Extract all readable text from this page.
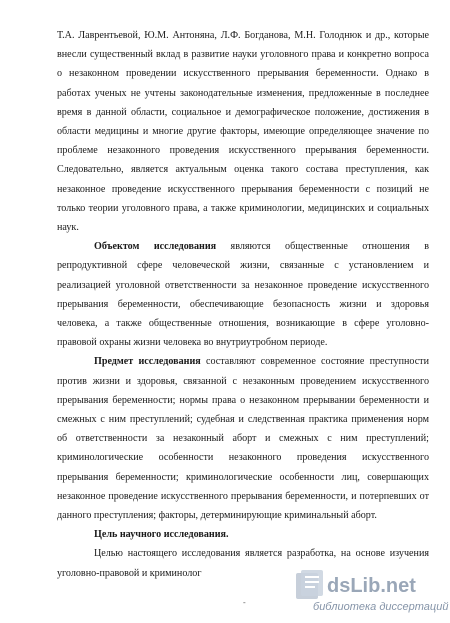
Т.А. Лаврентьевой, Ю.М. Антоняна, Л.Ф. Богданова, М.Н. Голоднюк и др., которые внесли существенный вклад в развитие науки уголовного права и конкретно вопроса о незаконном проведении искусственного прерывания беременности. Однако в работах ученых не учтены законодательные изменения, предложенные в последнее время в данной области, социальное и демографическое положение, достижения в области медицины и многие другие факторы, имеющие определяющее значение по проблеме незаконного проведения искусственного прерывания беременности. Следовательно, является актуальным оценка такого состава преступления, как незаконное проведение искусственного прерывания беременности с позиций не только теории уголовного права, а также криминологии, медицинских и социальных наук.

Объектом исследования являются общественные отношения в репродуктивной сфере человеческой жизни, связанные с установлением и реализацией уголовной ответственности за незаконное проведение искусственного прерывания беременности, обеспечивающие безопасность жизни и здоровья человека, а также общественные отношения, возникающие в сфере уголовно-правовой охраны жизни человека во внутриутробном периоде.

Предмет исследования составляют современное состояние преступности против жизни и здоровья, связанной с незаконным проведением искусственного прерывания беременности; нормы права о незаконном прерывании беременности и смежных с ним преступлений; судебная и следственная практика применения норм об ответственности за незаконный аборт и смежных с ним преступлений; криминологические особенности незаконного проведения искусственного прерывания беременности; криминологические особенности лиц, совершающих незаконное проведение искусственного прерывания беременности, и потерпевших от данного преступления; факторы, детерминирующие криминальный аборт.

Цель научного исследования.

Целью настоящего исследования является разработка, на основе изучения уголовно-правовой и криминолог

-
dsLib.net
библиотека диссертаций
